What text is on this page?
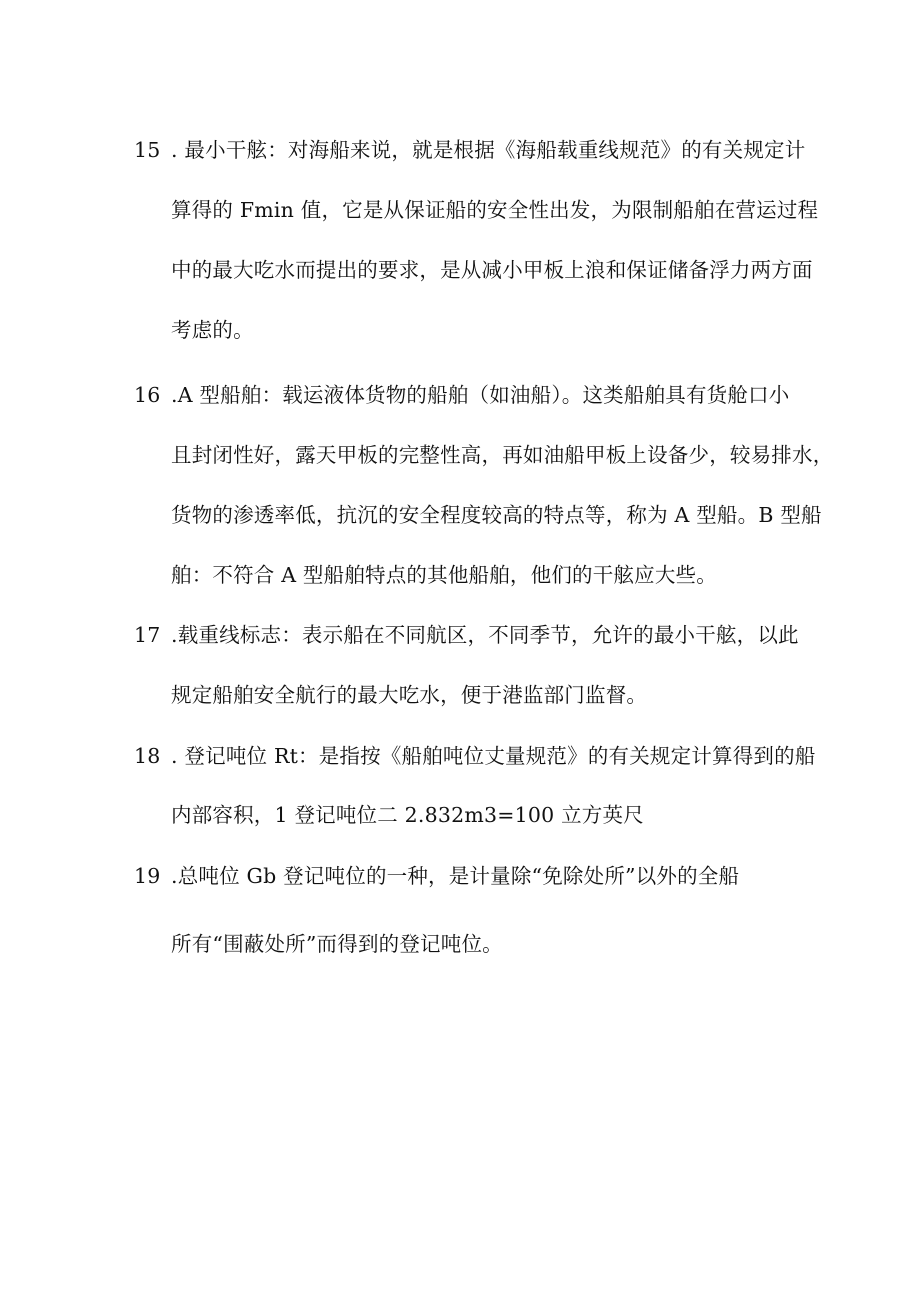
15 . 最小干舷：对海船来说，就是根据《海船载重线规范》的有关规定计
算得的 Fmin 值，它是从保证船的安全性出发，为限制船舶在营运过程
中的最大吃水而提出的要求，是从减小甲板上浪和保证储备浮力两方面
考虑的。
16 .A 型船舶：载运液体货物的船舶（如油船）。这类船舶具有货舱口小
且封闭性好，露天甲板的完整性高，再如油船甲板上设备少，较易排水，
货物的渗透率低，抗沉的安全程度较高的特点等，称为 A 型船。B 型船
舶：不符合 A 型船舶特点的其他船舶，他们的干舷应大些。
17 .载重线标志：表示船在不同航区，不同季节，允许的最小干舷，以此
规定船舶安全航行的最大吃水，便于港监部门监督。
18 . 登记吨位 Rt：是指按《船舶吨位丈量规范》的有关规定计算得到的船
内部容积，1 登记吨位二 2.832m3=100 立方英尺
19 .总吨位 Gb 登记吨位的一种，是计量除“免除处所”以外的全船
所有“围蔽处所”而得到的登记吨位。
